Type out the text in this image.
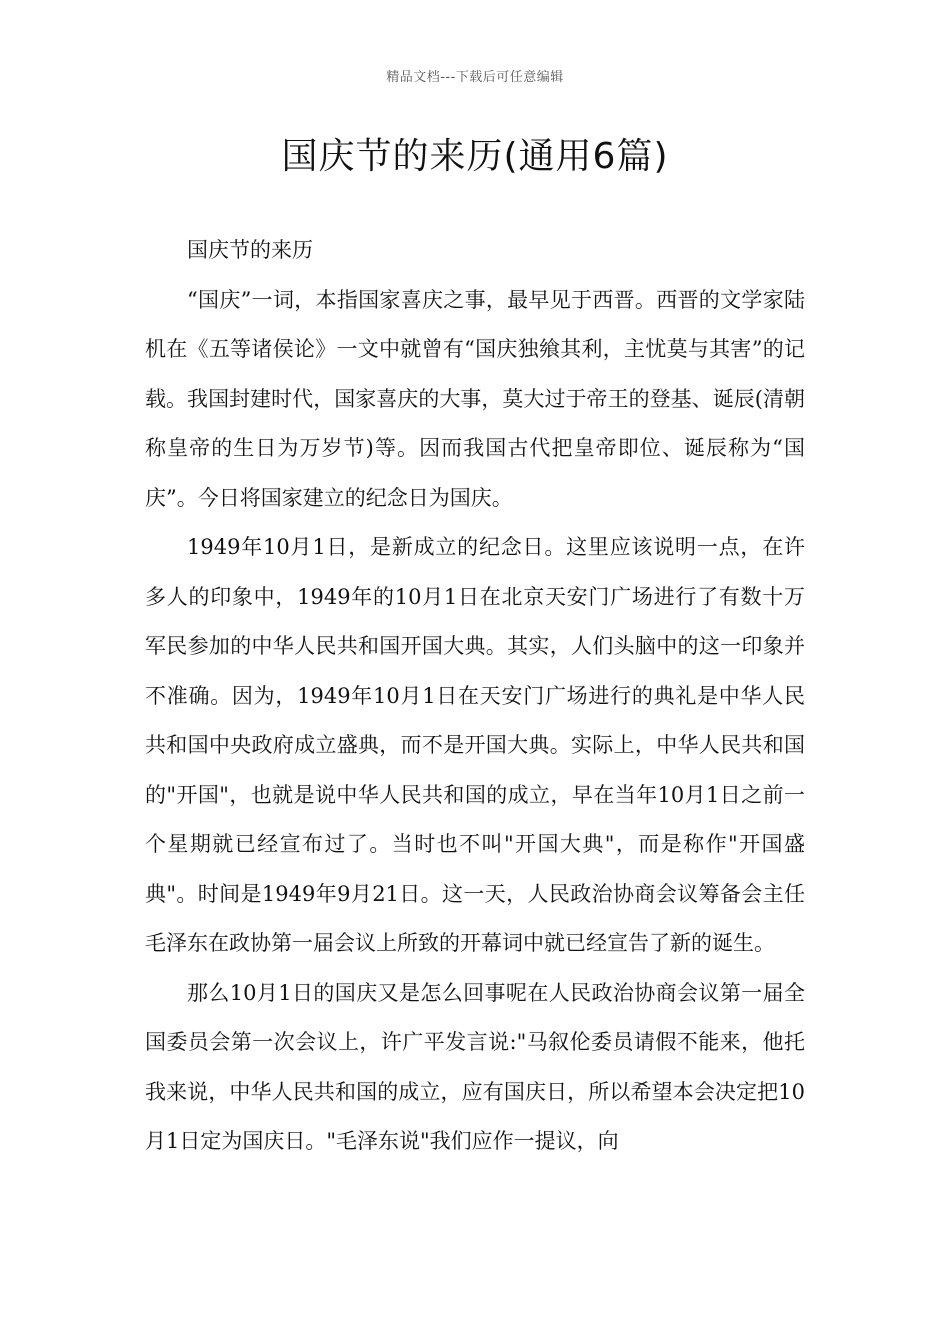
精品文档---下载后可任意编辑
国庆节的来历(通用6篇)

国庆节的来历

“国庆”一词，本指国家喜庆之事，最早见于西晋。西晋的文学家陆机在《五等诸侯论》一文中就曾有“国庆独飨其利，主忧莫与其害”的记载。我国封建时代，国家喜庆的大事，莫大过于帝王的登基、诞辰(清朝称皇帝的生日为万岁节)等。因而我国古代把皇帝即位、诞辰称为“国庆”。今日将国家建立的纪念日为国庆。

1949年10月1日，是新成立的纪念日。这里应该说明一点，在许多人的印象中，1949年的10月1日在北京天安门广场进行了有数十万军民参加的中华人民共和国开国大典。其实，人们头脑中的这一印象并不准确。因为，1949年10月1日在天安门广场进行的典礼是中华人民共和国中央政府成立盛典，而不是开国大典。实际上，中华人民共和国的"开国"，也就是说中华人民共和国的成立，早在当年10月1日之前一个星期就已经宣布过了。当时也不叫"开国大典"，而是称作"开国盛典"。时间是1949年9月21日。这一天，人民政治协商会议筹备会主任毛泽东在政协第一届会议上所致的开幕词中就已经宣告了新的诞生。

那么10月1日的国庆又是怎么回事呢在人民政治协商会议第一届全国委员会第一次会议上，许广平发言说:"马叙伦委员请假不能来，他托我来说，中华人民共和国的成立，应有国庆日，所以希望本会决定把10月1日定为国庆日。"毛泽东说"我们应作一提议，向
